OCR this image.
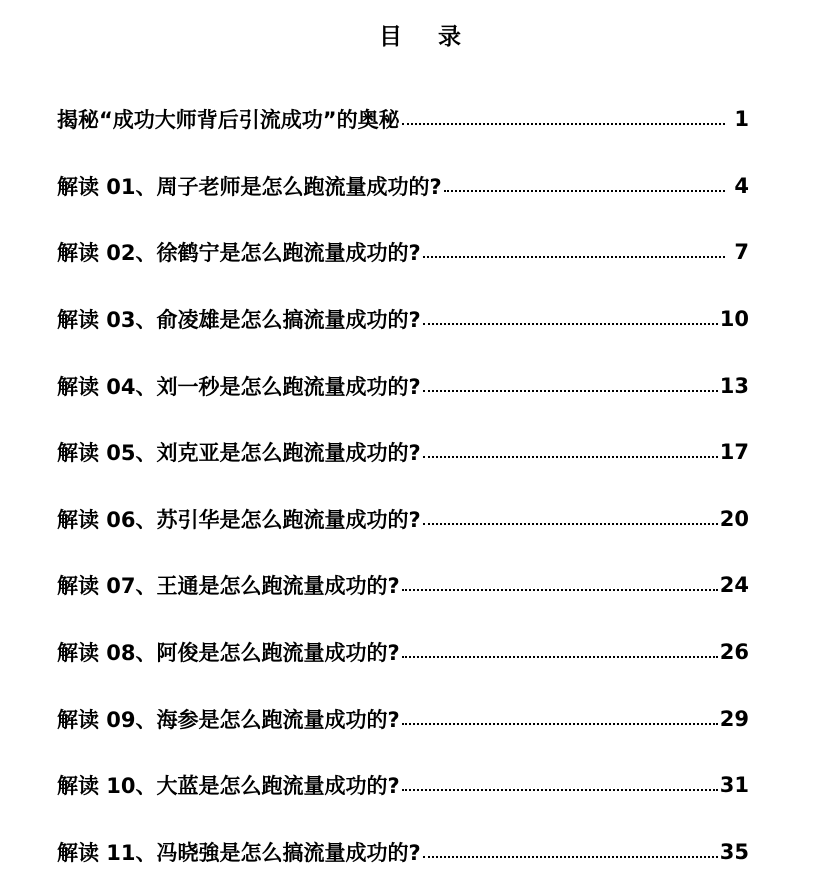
目 录
揭秘“成功大师背后引流成功”的奥秘	1
解读 01、周子老师是怎么跑流量成功的?	4
解读 02、徐鹤宁是怎么跑流量成功的?	7
解读 03、俞凌雄是怎么搞流量成功的?	10
解读 04、刘一秒是怎么跑流量成功的?	13
解读 05、刘克亚是怎么跑流量成功的?	17
解读 06、苏引华是怎么跑流量成功的?	20
解读 07、王通是怎么跑流量成功的?	24
解读 08、阿俊是怎么跑流量成功的?	26
解读 09、海参是怎么跑流量成功的?	29
解读 10、大蓝是怎么跑流量成功的?	31
解读 11、冯晓強是怎么搞流量成功的?	35
